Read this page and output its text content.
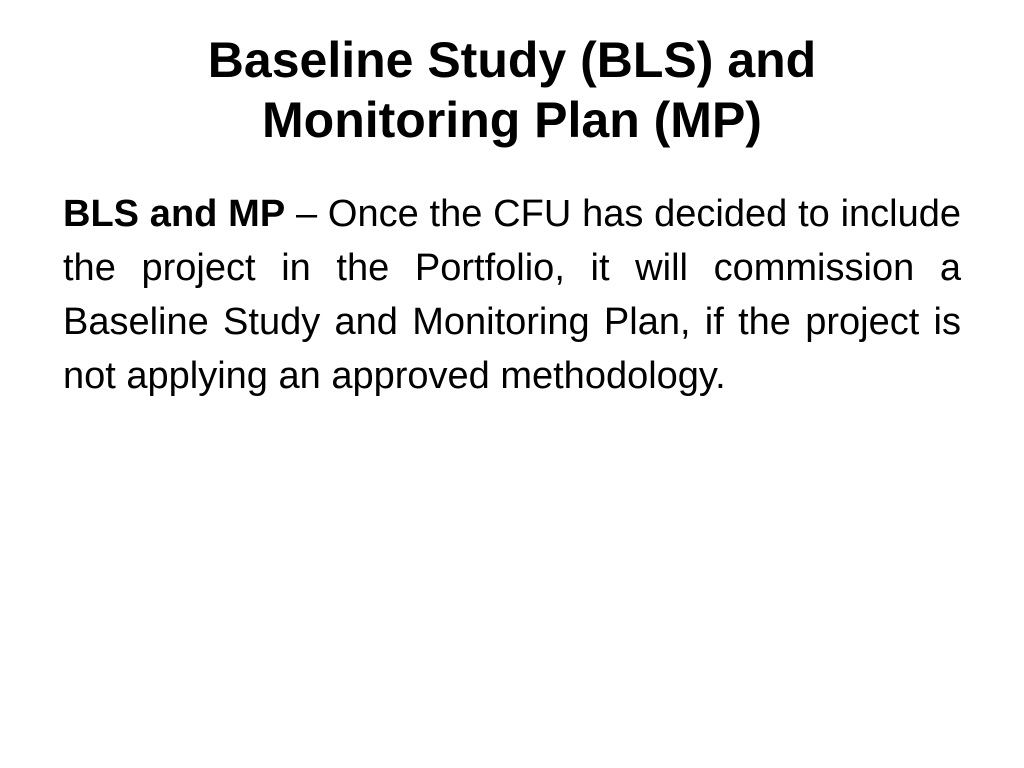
Baseline Study (BLS) and Monitoring Plan (MP)

BLS and MP – Once the CFU has decided to include the project in the Portfolio, it will commission a Baseline Study and Monitoring Plan, if the project is not applying an approved methodology.
